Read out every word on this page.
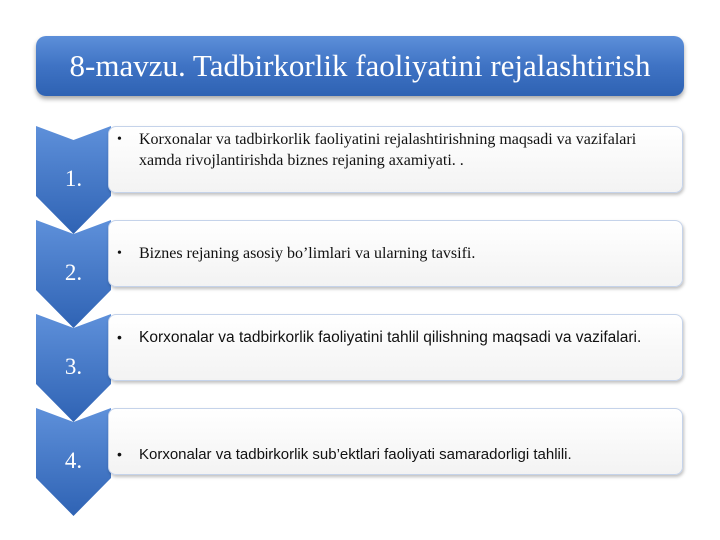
8-mavzu. Tadbirkorlik faoliyatini rejalashtirish
1.
•	Korxonalar va tadbirkorlik faoliyatini rejalashtirishning maqsadi va vazifalari xamda rivojlantirishda biznes rejaning axamiyati. .
2.
•	Biznes rejaning asosiy bo’limlari va ularning tavsifi.
3.
•	Korxonalar va tadbirkorlik faoliyatini tahlil qilishning maqsadi va vazifalari.
4.	•	Korxonalar va tadbirkorlik sub’ektlari faoliyati samaradorligi tahlili.
